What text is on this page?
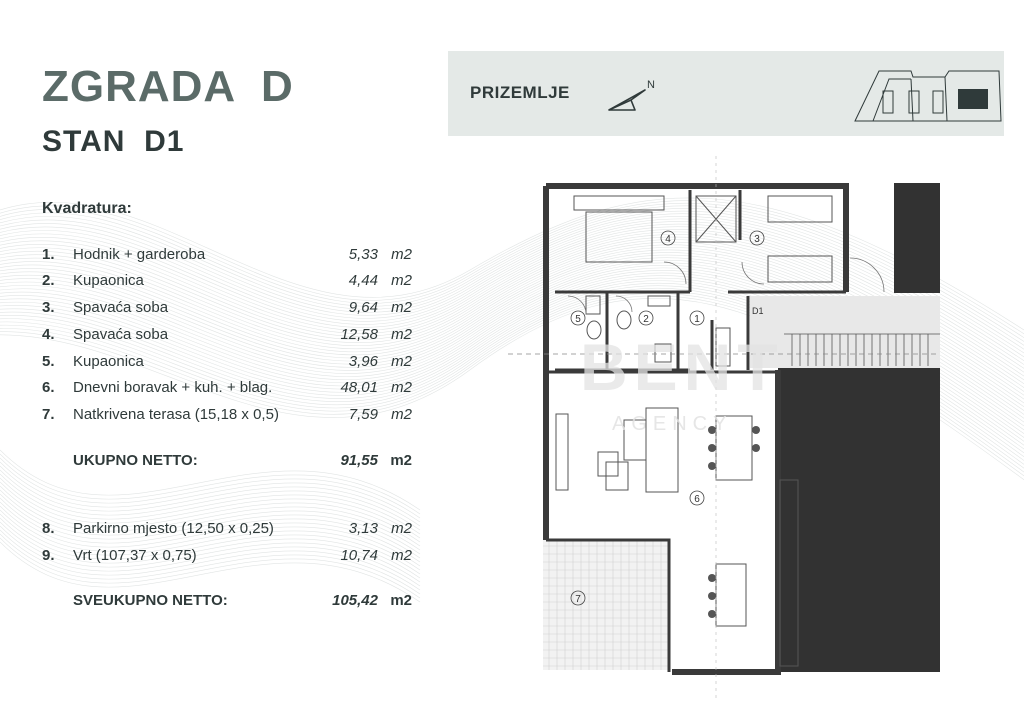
ZGRADA  D
STAN  D1
Kvadratura:
1. Hodnik + garderoba	5,33 m2
2. Kupaonica	4,44 m2
3. Spavaća soba	9,64 m2
4. Spavaća soba	12,58 m2
5. Kupaonica	3,96 m2
6. Dnevni boravak + kuh. + blag.	48,01 m2
7. Natkrivena terasa (15,18 x 0,5)	7,59 m2
8. Parkirno mjesto (12,50 x 0,25)	3,13 m2
9. Vrt (107,37 x 0,75)	10,74 m2
UKUPNO NETTO:	91,55 m2
SVEUKUPNO NETTO:	105,42 m2
PRIZEMLJE	N
1
2
3
4
5
6
7
D1
BENT
AGENCY
